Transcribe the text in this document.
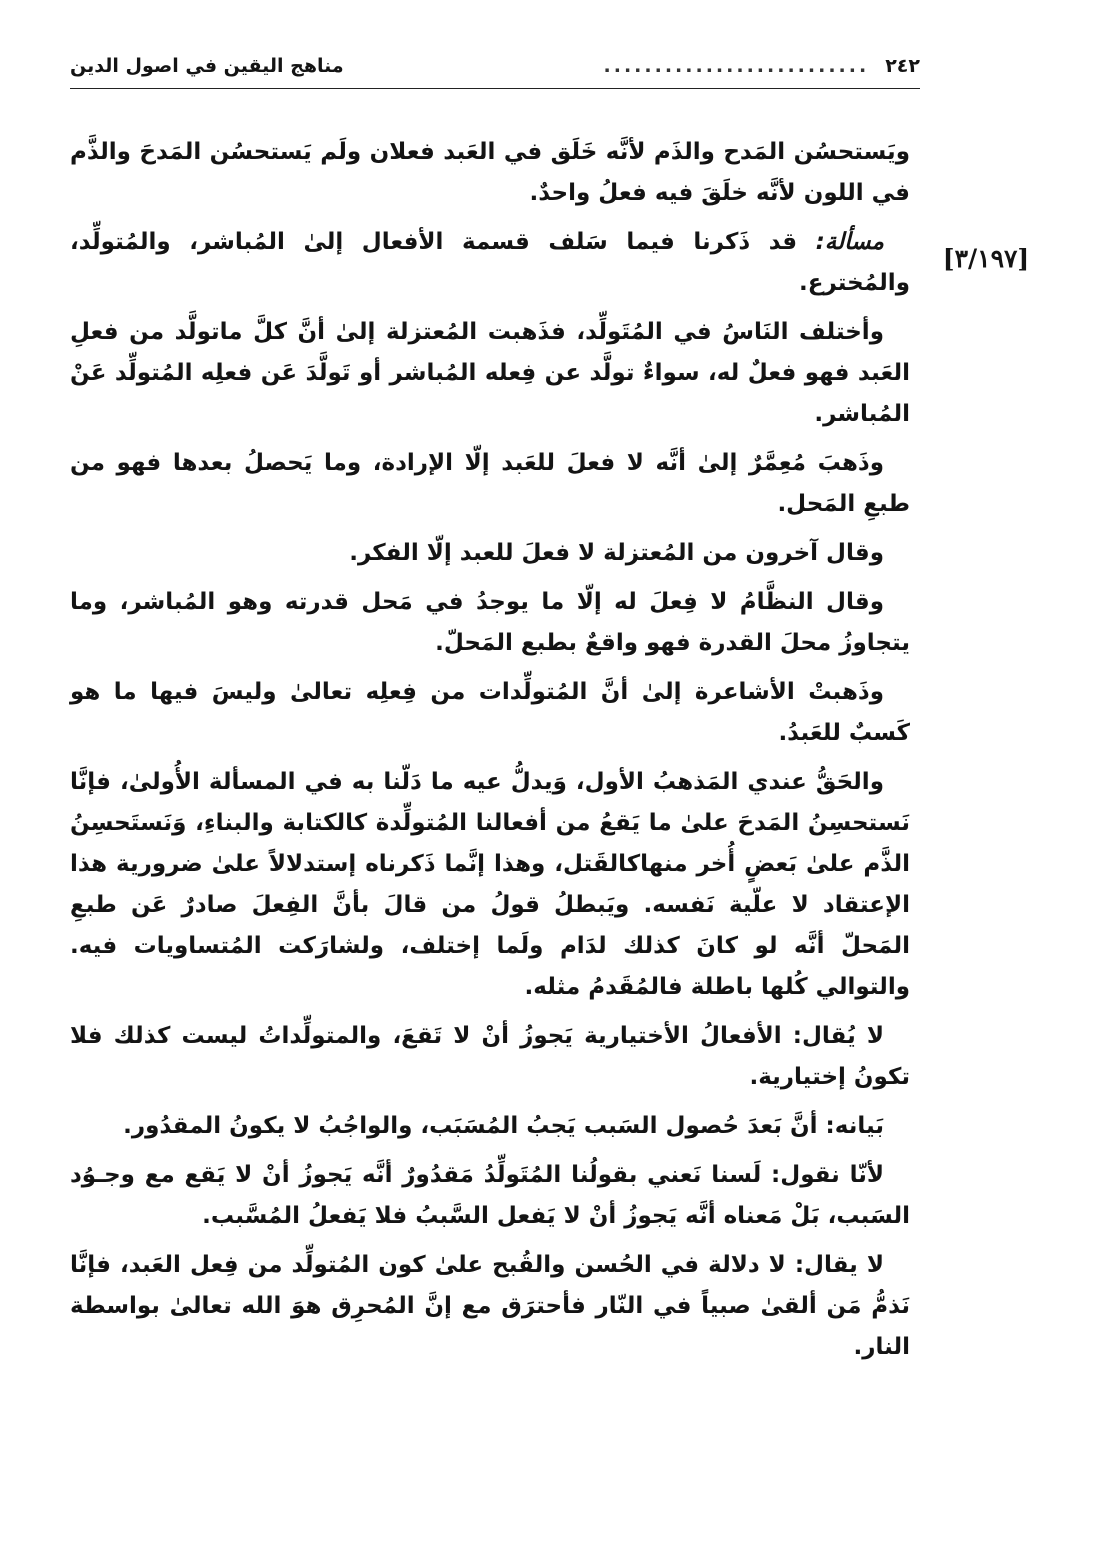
٢٤٢
..........................
مناهج اليقين في اصول الدين
[٣/١٩٧]

ويَستحسُن المَدح والذَم لأنَّه خَلَق في العَبد فعلان ولَم يَستحسُن المَدحَ والذَّم في اللون لأنَّه خلَقَ فيه فعلُ واحدٌ.

مسألة: قد ذَكرنا فيما سَلف قسمة الأفعال إلىٰ المُباشر، والمُتولِّد، والمُخترع.

وأختلف النَاسُ في المُتَولِّد، فذَهبت المُعتزلة إلىٰ أنَّ كلَّ ماتولَّد من فعلِ العَبد فهو فعلٌ له، سواءٌ تولَّد عن فِعله المُباشر أو تَولَّدَ عَن فعلِه المُتولِّد عَنْ المُباشر.

وذَهبَ مُعِمَّرٌ إلىٰ أنَّه لا فعلَ للعَبد إلّا الإرادة، وما يَحصلُ بعدها فهو من طبعِ المَحل.

وقال آخرون من المُعتزلة لا فعلَ للعبد إلّا الفكر.

وقال النظَّامُ لا فِعلَ له إلّا ما يوجدُ في مَحل قدرته وهو المُباشر، وما يتجاوزُ محلَ القدرة فهو واقعٌ بطبع المَحلّ.

وذَهبتْ الأشاعرة إلىٰ أنَّ المُتولِّدات من فِعلِه تعالىٰ وليسَ فيها ما هو كَسبٌ للعَبدُ.

والحَقُّ عندي المَذهبُ الأول، وَيدلُّ عيه ما دَلّنا به في المسألة الأُولىٰ، فإنَّا نَستحسِنُ المَدحَ علىٰ ما يَقعُ من أفعالنا المُتولِّدة كالكتابة والبناءِ، وَنَستَحسِنُ الذَّم علىٰ بَعضٍ أُخر منهاكالقَتل، وهذا إنَّما ذَكرناه إستدلالاً علىٰ ضرورية هذا الإعتقاد لا علّية نَفسه. ويَبطلُ قولُ من قالَ بأنَّ الفِعلَ صادرٌ عَن طبعِ المَحلّ أنَّه لو كانَ كذلك لدَام ولَما إختلف، ولشارَكت المُتساويات فيه. والتوالي كُلها باطلة فالمُقَدمُ مثله.

لا يُقال: الأفعالُ الأختيارية يَجوزُ أنْ لا تَقعَ، والمتولِّداتُ ليست كذلك فلا تكونُ إختيارية.

بَيانه: أنَّ بَعدَ حُصول السَبب يَجبُ المُسَبَب، والواجُبُ لا يكونُ المقدُور.

لأنّا نقول: لَسنا نَعني بقولُنا المُتَولِّدُ مَقدُورٌ أنَّه يَجوزُ أنْ لا يَقع مع وجـوُد السَبب، بَلْ مَعناه أنَّه يَجوزُ أنْ لا يَفعل السَّببُ فلا يَفعلُ المُسَّبب.

لا يقال: لا دلالة في الحُسن والقُبح علىٰ كون المُتولِّد من فِعل العَبد، فإنَّا نَذمُّ مَن ألقىٰ صبياً في النّار فأحترَق مع إنَّ المُحرِق هوَ الله تعالىٰ بواسطة النار.
